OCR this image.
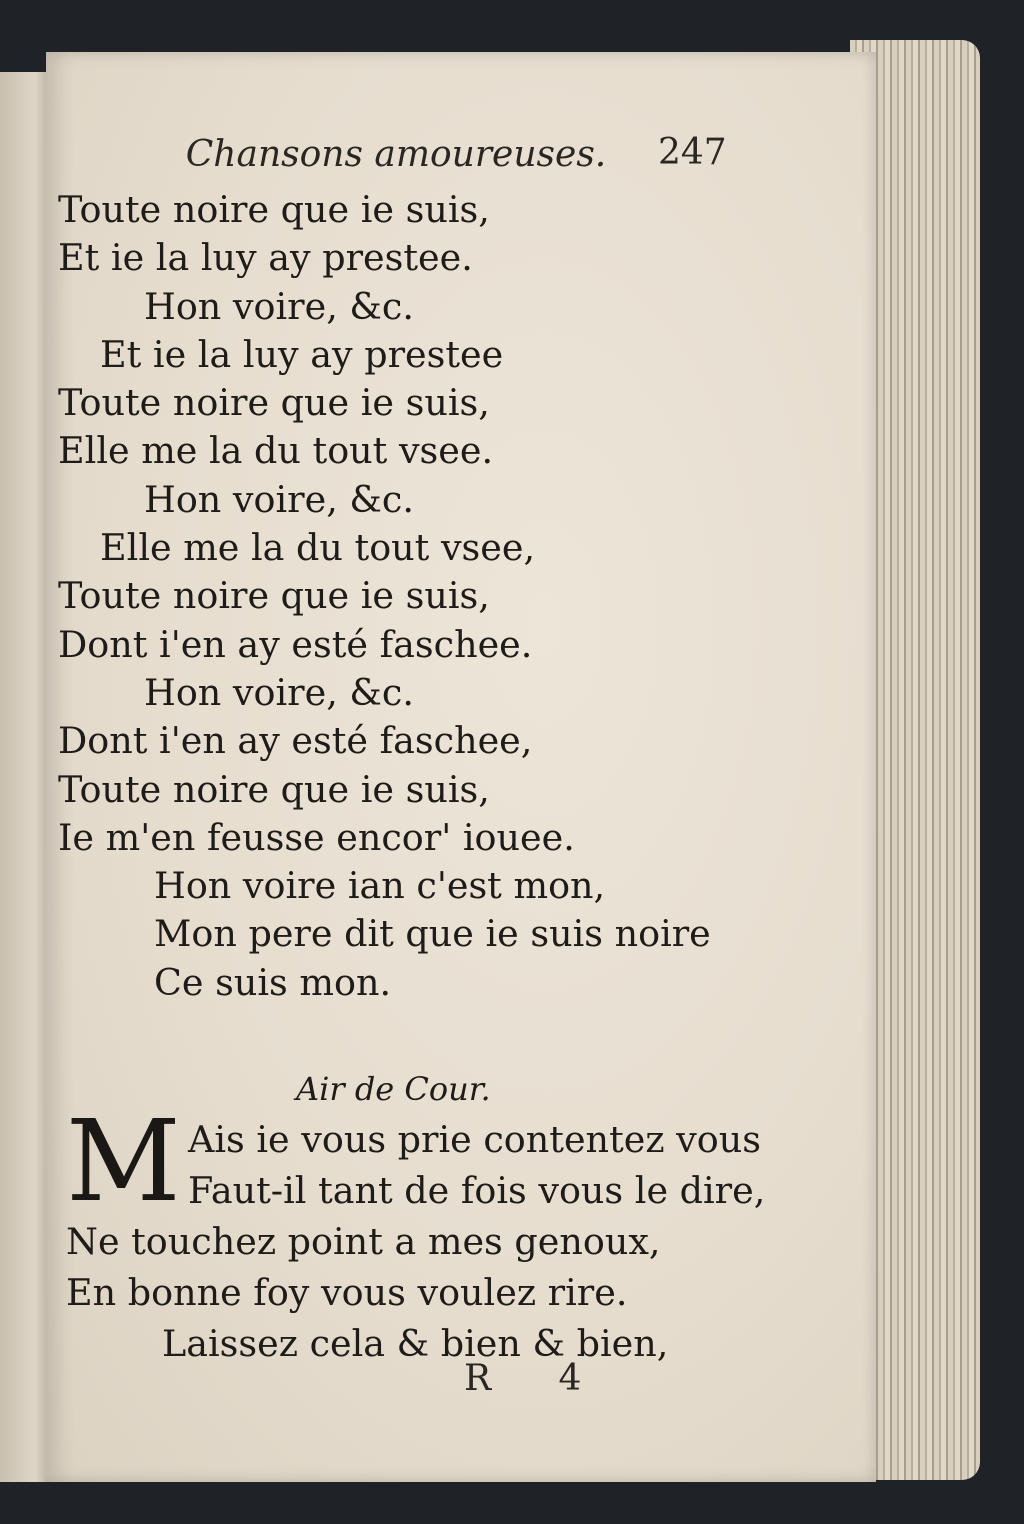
Chansons amoureuses. 247
Toute noire que ie suis,
Et ie la luy ay prestee.
Hon voire, &c.
Et ie la luy ay prestee
Toute noire que ie suis,
Elle me la du tout vsee.
Hon voire, &c.
Elle me la du tout vsee,
Toute noire que ie suis,
Dont i'en ay esté faschee.
Hon voire, &c.
Dont i'en ay esté faschee,
Toute noire que ie suis,
Ie m'en feusse encor' iouee.
Hon voire ian c'est mon,
Mon pere dit que ie suis noire
Ce suis mon.
Air de Cour.
M Ais ie vous prie contentez vous
Faut-il tant de fois vous le dire,
Ne touchez point a mes genoux,
En bonne foy vous voulez rire.
Laissez cela & bien & bien,
R 4
